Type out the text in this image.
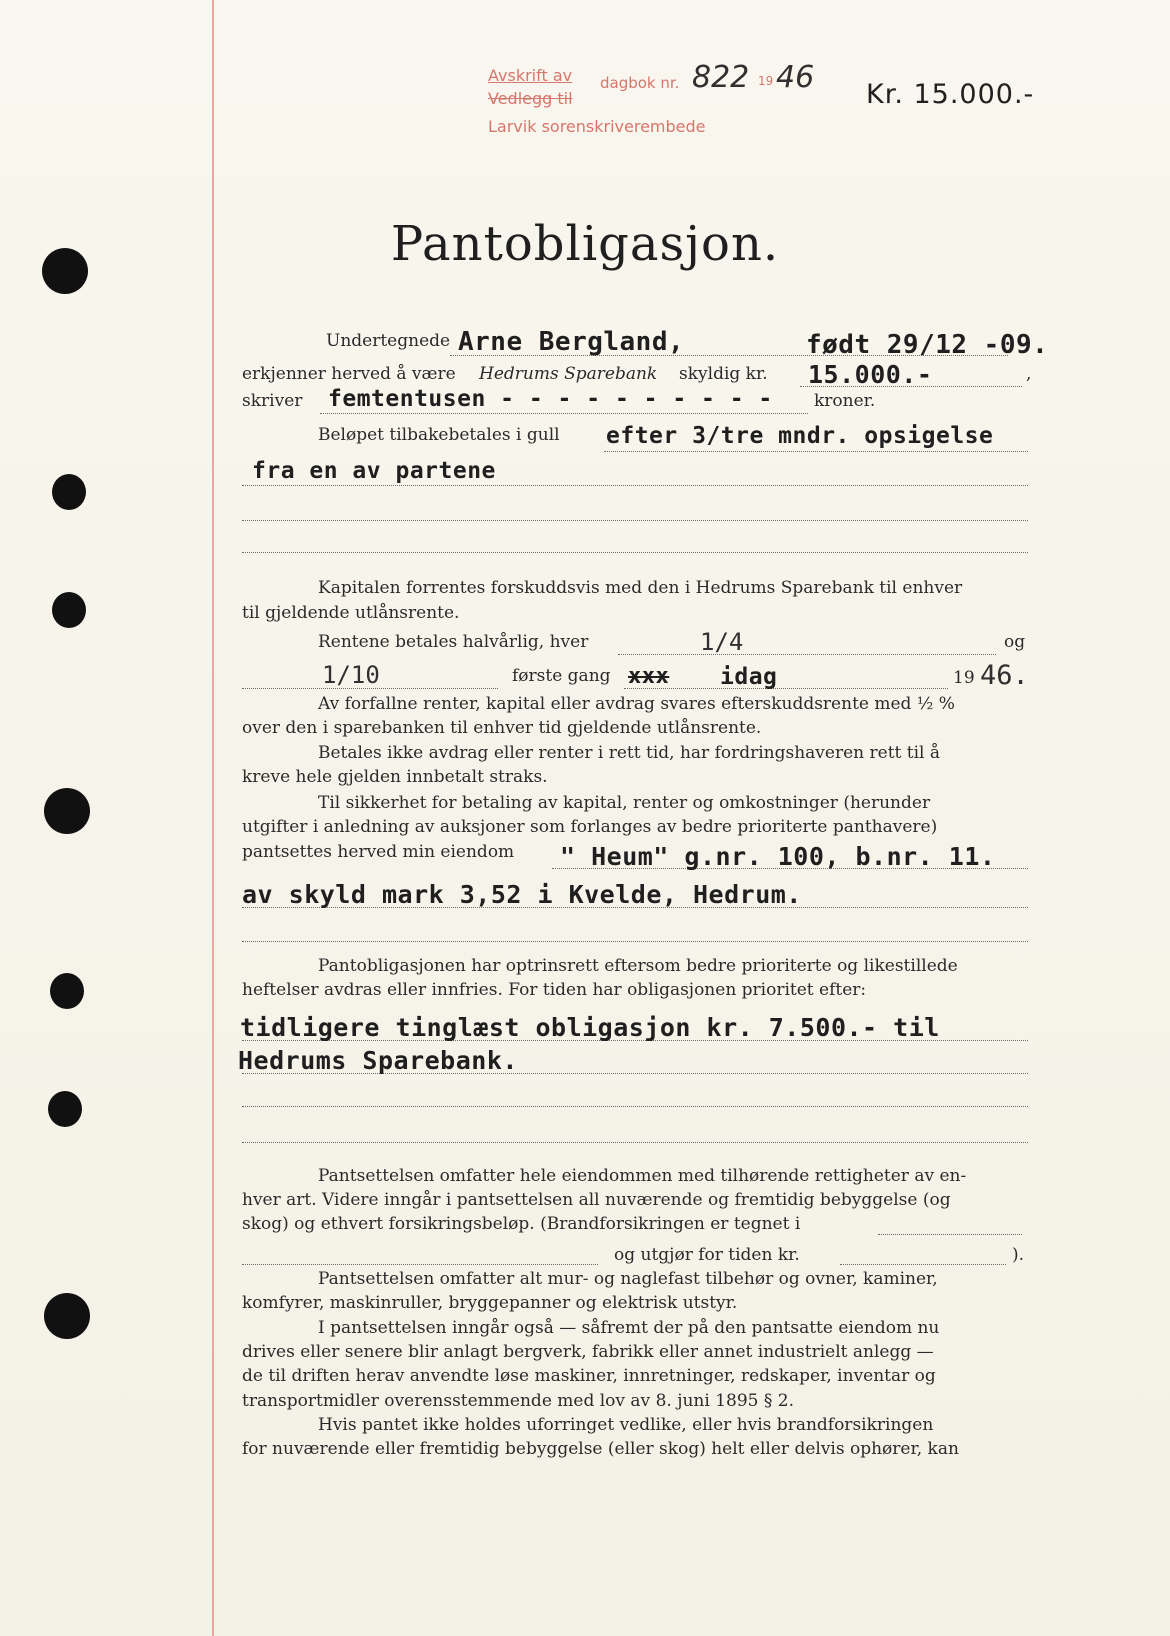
Avskrift av
Vedlegg til
dagbok nr. 822 19 46
Larvik sorenskriverembede
Kr. 15.000.-
Pantobligasjon.
Undertegnede Arne Bergland,	født 29/12 -09.
erkjenner herved å være Hedrums Sparebank skyldig kr. 15.000.-	,
skriver femtentusen - - - - - - - - - - kroner.
Beløpet tilbakebetales i gull efter 3/tre mndr. opsigelse
fra en av partene
Kapitalen forrentes forskuddsvis med den i Hedrums Sparebank til enhver
til gjeldende utlånsrente.
Rentene betales halvårlig, hver	1/4	og
1/10	første gang xxx idag	19 46.
Av forfallne renter, kapital eller avdrag svares efterskuddsrente med ½ %
over den i sparebanken til enhver tid gjeldende utlånsrente.
Betales ikke avdrag eller renter i rett tid, har fordringshaveren rett til å
kreve hele gjelden innbetalt straks.
Til sikkerhet for betaling av kapital, renter og omkostninger (herunder
utgifter i anledning av auksjoner som forlanges av bedre prioriterte panthavere)
pantsettes herved min eiendom " Heum" g.nr. 100, b.nr. 11.
av skyld mark 3,52 i Kvelde, Hedrum.
Pantobligasjonen har optrinsrett eftersom bedre prioriterte og likestillede
heftelser avdras eller innfries. For tiden har obligasjonen prioritet efter:
tidligere tinglæst obligasjon kr. 7.500.- til
Hedrums Sparebank.
Pantsettelsen omfatter hele eiendommen med tilhørende rettigheter av en-
hver art. Videre inngår i pantsettelsen all nuværende og fremtidig bebyggelse (og
skog) og ethvert forsikringsbeløp. (Brandforsikringen er tegnet i
og utgjør for tiden kr.	).
Pantsettelsen omfatter alt mur- og naglefast tilbehør og ovner, kaminer,
komfyrer, maskinruller, bryggepanner og elektrisk utstyr.
I pantsettelsen inngår også — såfremt der på den pantsatte eiendom nu
drives eller senere blir anlagt bergverk, fabrikk eller annet industrielt anlegg —
de til driften herav anvendte løse maskiner, innretninger, redskaper, inventar og
transportmidler overensstemmende med lov av 8. juni 1895 § 2.
Hvis pantet ikke holdes uforringet vedlike, eller hvis brandforsikringen
for nuværende eller fremtidig bebyggelse (eller skog) helt eller delvis ophører, kan
